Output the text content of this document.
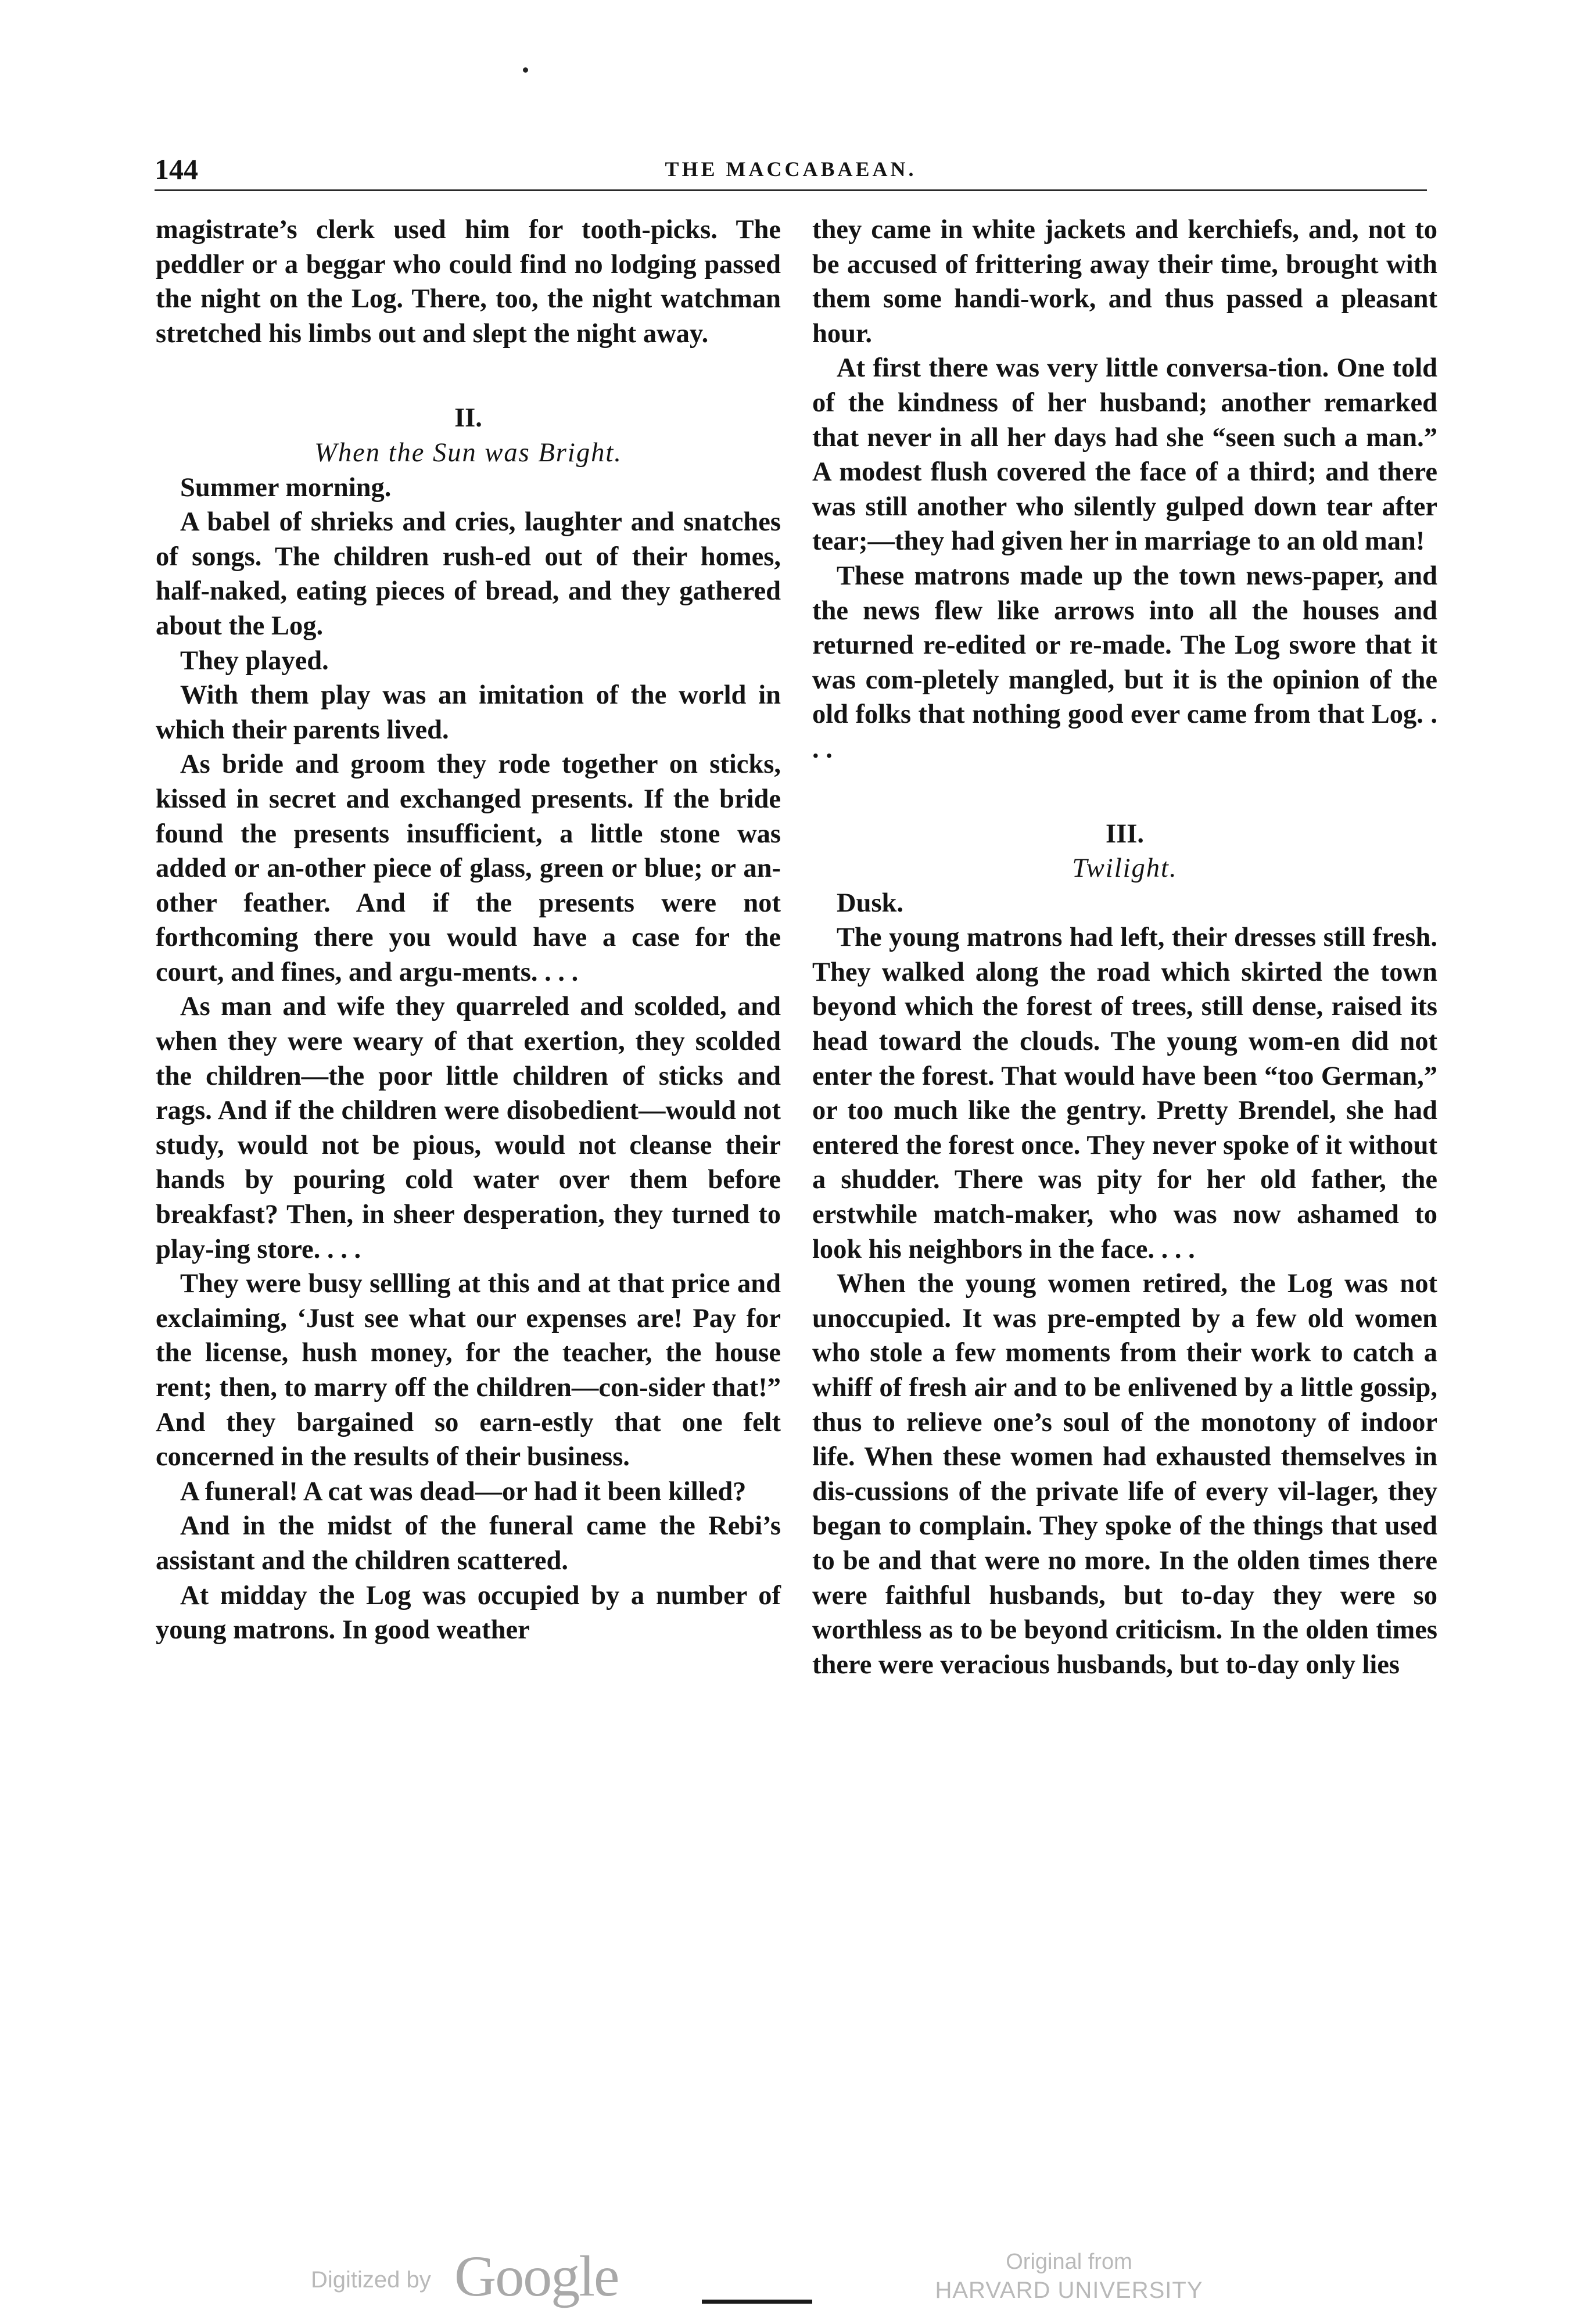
144	THE MACCABAEAN.

magistrate’s clerk used him for tooth-picks. The peddler or a beggar who could find no lodging passed the night on the Log. There, too, the night watchman stretched his limbs out and slept the night away.

II.

When the Sun was Bright.

Summer morning.

A babel of shrieks and cries, laughter and snatches of songs. The children rush-ed out of their homes, half-naked, eating pieces of bread, and they gathered about the Log.

They played.

With them play was an imitation of the world in which their parents lived.

As bride and groom they rode together on sticks, kissed in secret and exchanged presents. If the bride found the presents insufficient, a little stone was added or an-other piece of glass, green or blue; or an-other feather. And if the presents were not forthcoming there you would have a case for the court, and fines, and argu-ments. . . .

As man and wife they quarreled and scolded, and when they were weary of that exertion, they scolded the children—the poor little children of sticks and rags. And if the children were disobedient—would not study, would not be pious, would not cleanse their hands by pouring cold water over them before breakfast? Then, in sheer desperation, they turned to play-ing store. . . .

They were busy sellling at this and at that price and exclaiming, ‘Just see what our expenses are! Pay for the license, hush money, for the teacher, the house rent; then, to marry off the children—con-sider that!” And they bargained so earn-estly that one felt concerned in the results of their business.

A funeral! A cat was dead—or had it been killed?

And in the midst of the funeral came the Rebi’s assistant and the children scattered.

At midday the Log was occupied by a number of young matrons. In good weather

they came in white jackets and kerchiefs, and, not to be accused of frittering away their time, brought with them some handi-work, and thus passed a pleasant hour.

At first there was very little conversa-tion. One told of the kindness of her husband; another remarked that never in all her days had she “seen such a man.” A modest flush covered the face of a third; and there was still another who silently gulped down tear after tear;—they had given her in marriage to an old man!

These matrons made up the town news-paper, and the news flew like arrows into all the houses and returned re-edited or re-made. The Log swore that it was com-pletely mangled, but it is the opinion of the old folks that nothing good ever came from that Log. . . .

III.

Twilight.

Dusk.

The young matrons had left, their dresses still fresh. They walked along the road which skirted the town beyond which the forest of trees, still dense, raised its head toward the clouds. The young wom-en did not enter the forest. That would have been “too German,” or too much like the gentry. Pretty Brendel, she had entered the forest once. They never spoke of it without a shudder. There was pity for her old father, the erstwhile match-maker, who was now ashamed to look his neighbors in the face. . . .

When the young women retired, the Log was not unoccupied. It was pre-empted by a few old women who stole a few moments from their work to catch a whiff of fresh air and to be enlivened by a little gossip, thus to relieve one’s soul of the monotony of indoor life. When these women had exhausted themselves in dis-cussions of the private life of every vil-lager, they began to complain. They spoke of the things that used to be and that were no more. In the olden times there were faithful husbands, but to-day they were so worthless as to be beyond criticism. In the olden times there were veracious husbands, but to-day only lies

Digitized by Google	Original from
HARVARD UNIVERSITY
